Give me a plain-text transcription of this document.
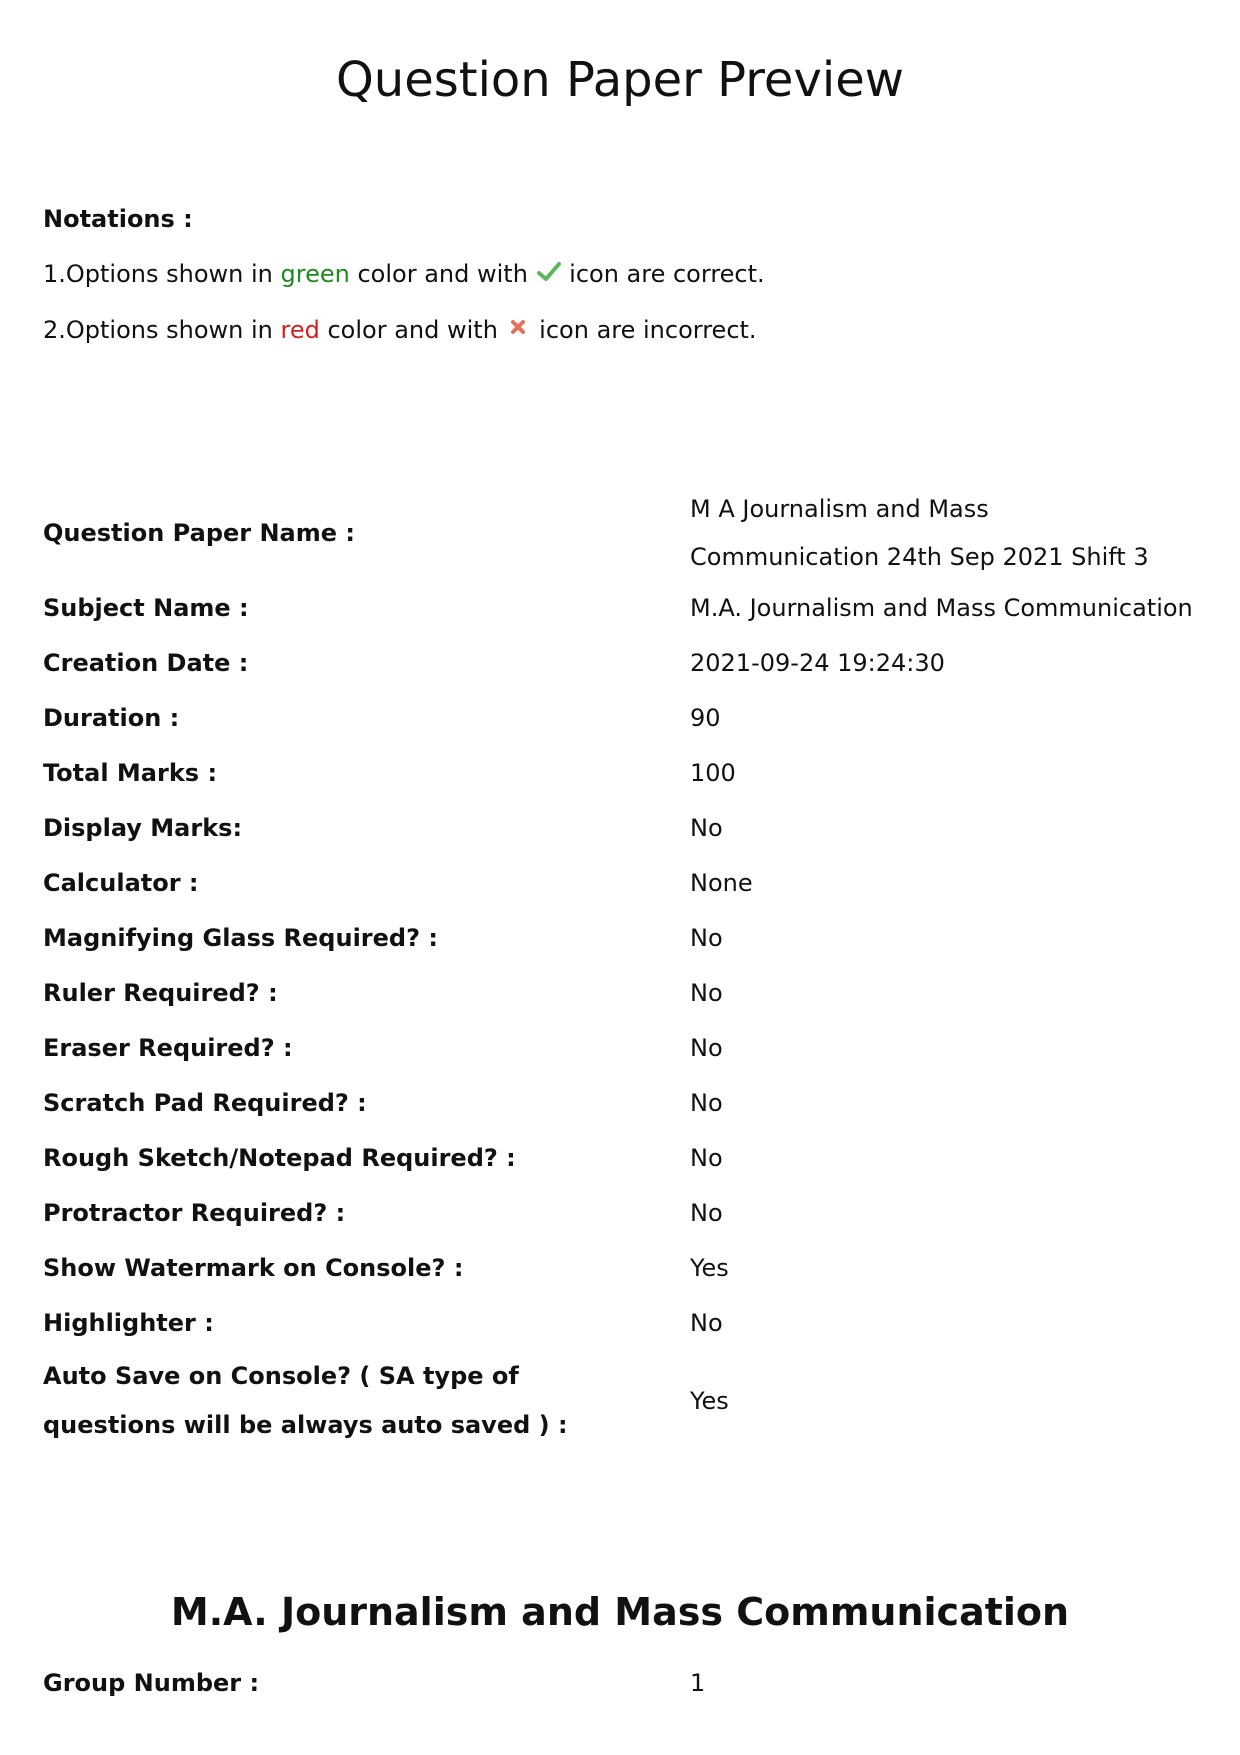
Question Paper Preview
Notations :
1.Options shown in green color and with  icon are correct.
2.Options shown in red color and with  icon are incorrect.
Question Paper Name :
M A Journalism and Mass Communication 24th Sep 2021 Shift 3
Subject Name :	M.A. Journalism and Mass Communication
Creation Date :	2021-09-24 19:24:30
Duration :	90
Total Marks :	100
Display Marks:	No
Calculator :	None
Magnifying Glass Required? :	No
Ruler Required? :	No
Eraser Required? :	No
Scratch Pad Required? :	No
Rough Sketch/Notepad Required? :	No
Protractor Required? :	No
Show Watermark on Console? :	Yes
Highlighter :	No
Auto Save on Console? ( SA type of questions will be always auto saved ) :
Yes
M.A. Journalism and Mass Communication
Group Number :	1
